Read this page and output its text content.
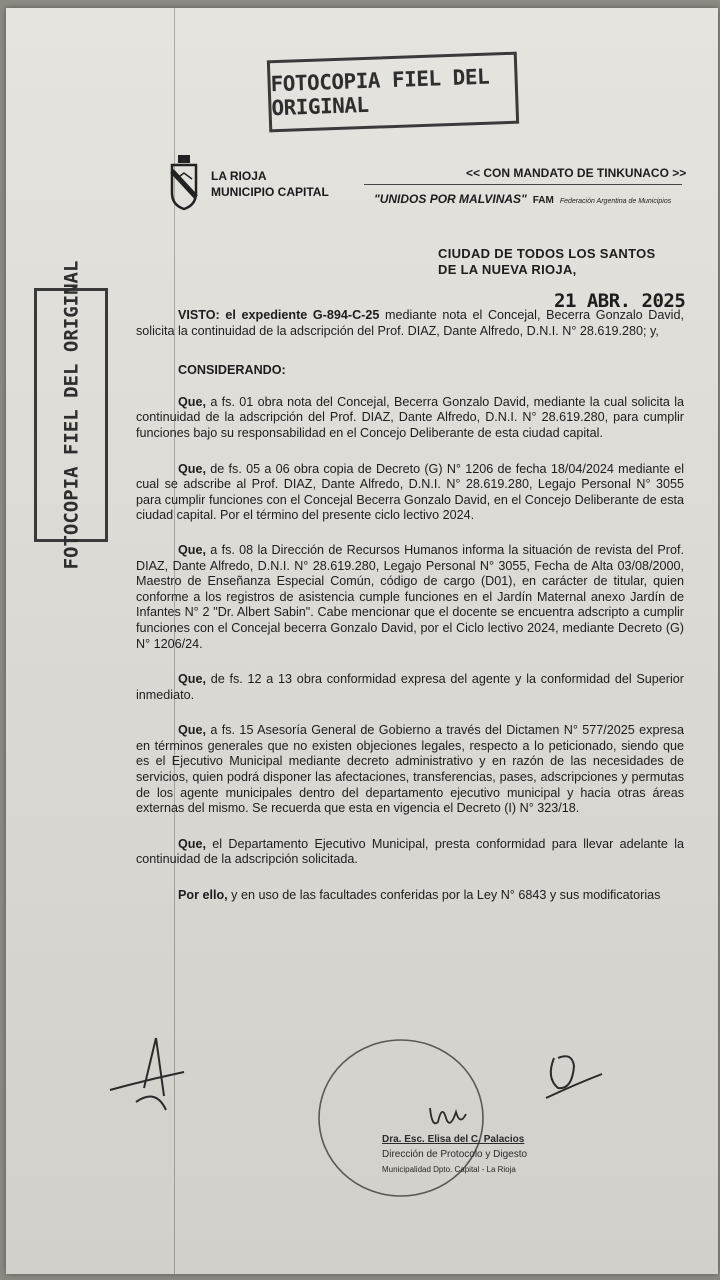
FOTOCOPIA FIEL DEL ORIGINAL
FOTOCOPIA FIEL DEL ORIGINAL
LA RIOJA
MUNICIPIO CAPITAL
<< CON MANDATO DE TINKUNACO >>
"UNIDOS POR MALVINAS" FAM Federación Argentina de Municipios
CIUDAD DE TODOS LOS SANTOS
DE LA NUEVA RIOJA,
21 ABR. 2025

VISTO: el expediente G-894-C-25 mediante nota el Concejal, Becerra Gonzalo David, solicita la continuidad de la adscripción del Prof. DIAZ, Dante Alfredo, D.N.I. N° 28.619.280; y,

CONSIDERANDO:

Que, a fs. 01 obra nota del Concejal, Becerra Gonzalo David, mediante la cual solicita la continuidad de la adscripción del Prof. DIAZ, Dante Alfredo, D.N.I. N° 28.619.280, para cumplir funciones bajo su responsabilidad en el Concejo Deliberante de esta ciudad capital.

Que, de fs. 05 a 06 obra copia de Decreto (G) N° 1206 de fecha 18/04/2024 mediante el cual se adscribe al Prof. DIAZ, Dante Alfredo, D.N.I. N° 28.619.280, Legajo Personal N° 3055 para cumplir funciones con el Concejal Becerra Gonzalo David, en el Concejo Deliberante de esta ciudad capital. Por el término del presente ciclo lectivo 2024.

Que, a fs. 08 la Dirección de Recursos Humanos informa la situación de revista del Prof. DIAZ, Dante Alfredo, D.N.I. N° 28.619.280, Legajo Personal N° 3055, Fecha de Alta 03/08/2000, Maestro de Enseñanza Especial Común, código de cargo (D01), en carácter de titular, quien conforme a los registros de asistencia cumple funciones en el Jardín Maternal anexo Jardín de Infantes N° 2 "Dr. Albert Sabin". Cabe mencionar que el docente se encuentra adscripto a cumplir funciones con el Concejal becerra Gonzalo David, por el Ciclo lectivo 2024, mediante Decreto (G) N° 1206/24.

Que, de fs. 12 a 13 obra conformidad expresa del agente y la conformidad del Superior inmediato.

Que, a fs. 15 Asesoría General de Gobierno a través del Dictamen N° 577/2025 expresa en términos generales que no existen objeciones legales, respecto a lo peticionado, siendo que es el Ejecutivo Municipal mediante decreto administrativo y en razón de las necesidades de servicios, quien podrá disponer las afectaciones, transferencias, pases, adscripciones y permutas de los agente municipales dentro del departamento ejecutivo municipal y hacia otras áreas externas del mismo. Se recuerda que esta en vigencia el Decreto (I) N° 323/18.

Que, el Departamento Ejecutivo Municipal, presta conformidad para llevar adelante la continuidad de la adscripción solicitada.

Por ello, y en uso de las facultades conferidas por la Ley N° 6843 y sus modificatorias

Dra. Esc. Elisa del C. Palacios
Dirección de Protocolo y Digesto
Municipalidad Dpto. Capital - La Rioja
